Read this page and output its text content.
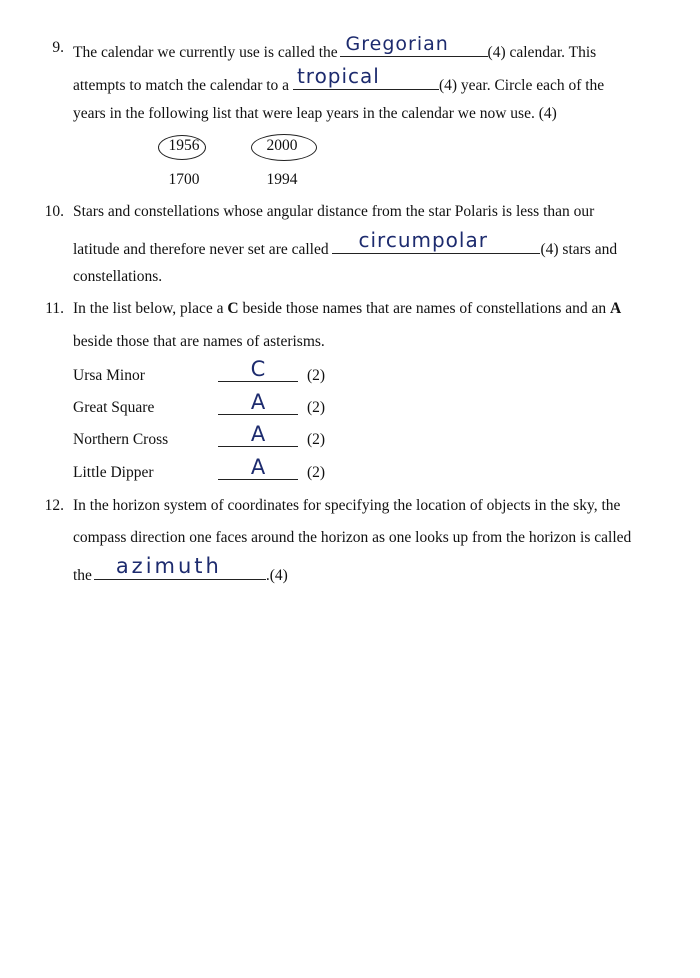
9. The calendar we currently use is called the Gregorian (4) calendar. This
attempts to match the calendar to a tropical	(4) year. Circle each of the
years in the following list that were leap years in the calendar we now use. (4)
1956	2000
1700	1994
10. Stars and constellations whose angular distance from the star Polaris is less than our
latitude and therefore never set are called circumpolar	(4) stars and
constellations.
11. In the list below, place a C beside those names that are names of constellations and an A
beside those that are names of asterisms.
Ursa Minor	C	(2)
Great Square	A	(2)
Northern Cross	A	(2)
Little Dipper	A	(2)
12. In the horizon system of coordinates for specifying the location of objects in the sky, the
compass direction one faces around the horizon as one looks up from the horizon is called
the azimuth	.(4)
